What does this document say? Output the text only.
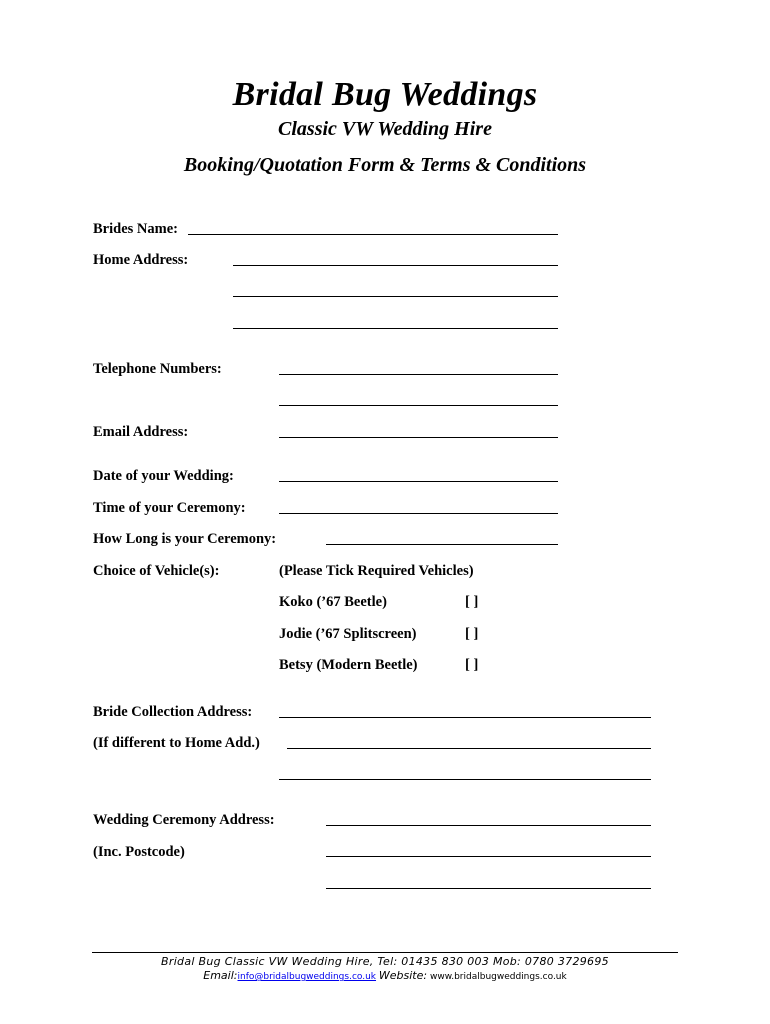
Bridal Bug Weddings
Classic VW Wedding Hire
Booking/Quotation Form & Terms & Conditions
Brides Name:
Home Address:
Telephone Numbers:
Email Address:
Date of your Wedding:
Time of your Ceremony:
How Long is your Ceremony:
Choice of Vehicle(s):	(Please Tick Required Vehicles)
Koko (’67 Beetle)	[ ]
Jodie (’67 Splitscreen)	[ ]
Betsy (Modern Beetle)	[ ]
Bride Collection Address:
(If different to Home Add.)
Wedding Ceremony Address:
(Inc. Postcode)
Bridal Bug Classic VW Wedding Hire, Tel: 01435 830 003 Mob: 0780 3729695
Email:info@bridalbugweddings.co.uk Website: www.bridalbugweddings.co.uk
